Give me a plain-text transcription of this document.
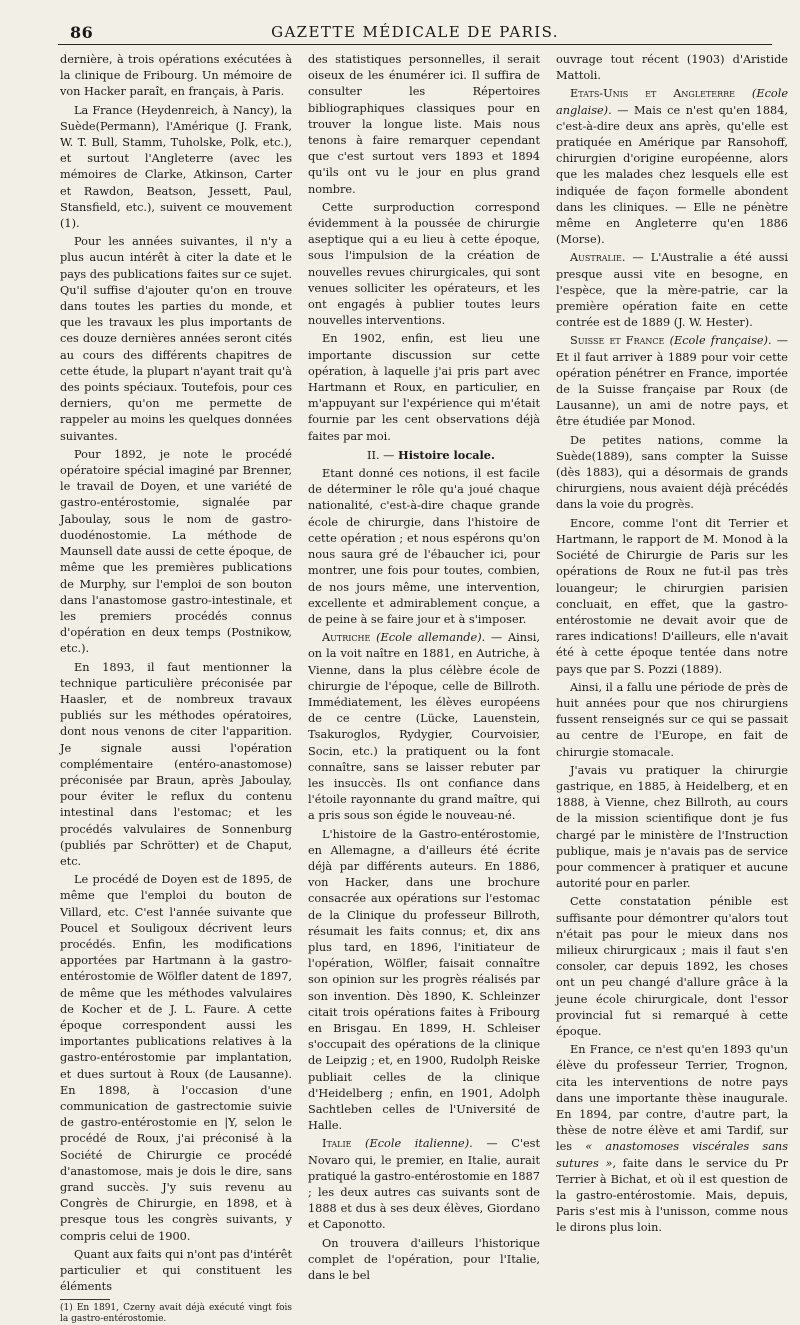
86	GAZETTE MÉDICALE DE PARIS.

dernière, à trois opérations exécutées à la clinique de Fribourg. Un mémoire de von Hacker paraît, en français, à Paris.

La France (Heydenreich, à Nancy), la Suède(Permann), l'Amérique (J. Frank, W. T. Bull, Stamm, Tuholske, Polk, etc.), et surtout l'Angleterre (avec les mémoires de Clarke, Atkinson, Carter et Rawdon, Beatson, Jessett, Paul, Stansfield, etc.), suivent ce mouvement (1).

Pour les années suivantes, il n'y a plus aucun intérêt à citer la date et le pays des publications faites sur ce sujet. Qu'il suffise d'ajouter qu'on en trouve dans toutes les parties du monde, et que les travaux les plus importants de ces douze dernières années seront cités au cours des différents chapitres de cette étude, la plupart n'ayant trait qu'à des points spéciaux. Toutefois, pour ces derniers, qu'on me permette de rappeler au moins les quelques données suivantes.

Pour 1892, je note le procédé opératoire spécial imaginé par Brenner, le travail de Doyen, et une variété de gastro-entérostomie, signalée par Jaboulay, sous le nom de gastro-duodénostomie. La méthode de Maunsell date aussi de cette époque, de même que les premières publications de Murphy, sur l'emploi de son bouton dans l'anastomose gastro-intestinale, et les premiers procédés connus d'opération en deux temps (Postnikow, etc.).

En 1893, il faut mentionner la technique particulière préconisée par Haasler, et de nombreux travaux publiés sur les méthodes opératoires, dont nous venons de citer l'apparition. Je signale aussi l'opération complémentaire (entéro-anastomose) préconisée par Braun, après Jaboulay, pour éviter le reflux du contenu intestinal dans l'estomac; et les procédés valvulaires de Sonnenburg (publiés par Schrötter) et de Chaput, etc.

Le procédé de Doyen est de 1895, de même que l'emploi du bouton de Villard, etc. C'est l'année suivante que Poucel et Souligoux décrivent leurs procédés. Enfin, les modifications apportées par Hartmann à la gastro-entérostomie de Wölfler datent de 1897, de même que les méthodes valvulaires de Kocher et de J. L. Faure. A cette époque correspondent aussi les importantes publications relatives à la gastro-entérostomie par implantation, et dues surtout à Roux (de Lausanne). En 1898, à l'occasion d'une communication de gastrectomie suivie de gastro-entérostomie en |Y, selon le procédé de Roux, j'ai préconisé à la Société de Chirurgie ce procédé d'anastomose, mais je dois le dire, sans grand succès. J'y suis revenu au Congrès de Chirurgie, en 1898, et à presque tous les congrès suivants, y compris celui de 1900.

Quant aux faits qui n'ont pas d'intérêt particulier et qui constituent les éléments

(1) En 1891, Czerny avait déjà exécuté vingt fois la gastro-entérostomie.

des statistiques personnelles, il serait oiseux de les énumérer ici. Il suffira de consulter les Répertoires bibliographiques classiques pour en trouver la longue liste. Mais nous tenons à faire remarquer cependant que c'est surtout vers 1893 et 1894 qu'ils ont vu le jour en plus grand nombre.

Cette surproduction correspond évidemment à la poussée de chirurgie aseptique qui a eu lieu à cette époque, sous l'impulsion de la création de nouvelles revues chirurgicales, qui sont venues solliciter les opérateurs, et les ont engagés à publier toutes leurs nouvelles interventions.

En 1902, enfin, est lieu une importante discussion sur cette opération, à laquelle j'ai pris part avec Hartmann et Roux, en particulier, en m'appuyant sur l'expérience qui m'était fournie par les cent observations déjà faites par moi.

II. — Histoire locale.

Etant donné ces notions, il est facile de déterminer le rôle qu'a joué chaque nationalité, c'est-à-dire chaque grande école de chirurgie, dans l'histoire de cette opération ; et nous espérons qu'on nous saura gré de l'ébaucher ici, pour montrer, une fois pour toutes, combien, de nos jours même, une intervention, excellente et admirablement conçue, a de peine à se faire jour et à s'imposer.

Autriche (Ecole allemande). — Ainsi, on la voit naître en 1881, en Autriche, à Vienne, dans la plus célèbre école de chirurgie de l'époque, celle de Billroth. Immédiatement, les élèves européens de ce centre (Lücke, Lauenstein, Tsakuroglos, Rydygier, Courvoisier, Socin, etc.) la pratiquent ou la font connaître, sans se laisser rebuter par les insuccès. Ils ont confiance dans l'étoile rayonnante du grand maître, qui a pris sous son égide le nouveau-né.

L'histoire de la Gastro-entérostomie, en Allemagne, a d'ailleurs été écrite déjà par différents auteurs. En 1886, von Hacker, dans une brochure consacrée aux opérations sur l'estomac de la Clinique du professeur Billroth, résumait les faits connus; et, dix ans plus tard, en 1896, l'initiateur de l'opération, Wölfler, faisait connaître son opinion sur les progrès réalisés par son invention. Dès 1890, K. Schleinzer citait trois opérations faites à Fribourg en Brisgau. En 1899, H. Schleiser s'occupait des opérations de la clinique de Leipzig ; et, en 1900, Rudolph Reiske publiait celles de la clinique d'Heidelberg ; enfin, en 1901, Adolph Sachtleben celles de l'Université de Halle.

Italie (Ecole italienne). — C'est Novaro qui, le premier, en Italie, aurait pratiqué la gastro-entérostomie en 1887 ; les deux autres cas suivants sont de 1888 et dus à ses deux élèves, Giordano et Caponotto.

On trouvera d'ailleurs l'historique complet de l'opération, pour l'Italie, dans le bel

ouvrage tout récent (1903) d'Aristide Mattoli.

Etats-Unis et Angleterre (Ecole anglaise). — Mais ce n'est qu'en 1884, c'est-à-dire deux ans après, qu'elle est pratiquée en Amérique par Ransohoff, chirurgien d'origine européenne, alors que les malades chez lesquels elle est indiquée de façon formelle abondent dans les cliniques. — Elle ne pénètre même en Angleterre qu'en 1886 (Morse).

Australie. — L'Australie a été aussi presque aussi vite en besogne, en l'espèce, que la mère-patrie, car la première opération faite en cette contrée est de 1889 (J. W. Hester).

Suisse et France (Ecole française). — Et il faut arriver à 1889 pour voir cette opération pénétrer en France, importée de la Suisse française par Roux (de Lausanne), un ami de notre pays, et être étudiée par Monod.

De petites nations, comme la Suède(1889), sans compter la Suisse (dès 1883), qui a désormais de grands chirurgiens, nous avaient déjà précédés dans la voie du progrès.

Encore, comme l'ont dit Terrier et Hartmann, le rapport de M. Monod à la Société de Chirurgie de Paris sur les opérations de Roux ne fut-il pas très louangeur; le chirurgien parisien concluait, en effet, que la gastro-entérostomie ne devait avoir que de rares indications! D'ailleurs, elle n'avait été à cette époque tentée dans notre pays que par S. Pozzi (1889).

Ainsi, il a fallu une période de près de huit années pour que nos chirurgiens fussent renseignés sur ce qui se passait au centre de l'Europe, en fait de chirurgie stomacale.

J'avais vu pratiquer la chirurgie gastrique, en 1885, à Heidelberg, et en 1888, à Vienne, chez Billroth, au cours de la mission scientifique dont je fus chargé par le ministère de l'Instruction publique, mais je n'avais pas de service pour commencer à pratiquer et aucune autorité pour en parler.

Cette constatation pénible est suffisante pour démontrer qu'alors tout n'était pas pour le mieux dans nos milieux chirurgicaux ; mais il faut s'en consoler, car depuis 1892, les choses ont un peu changé d'allure grâce à la jeune école chirurgicale, dont l'essor provincial fut si remarqué à cette époque.

En France, ce n'est qu'en 1893 qu'un élève du professeur Terrier, Trognon, cita les interventions de notre pays dans une importante thèse inaugurale. En 1894, par contre, d'autre part, la thèse de notre élève et ami Tardif, sur les « anastomoses viscérales sans sutures », faite dans le service du Pr Terrier à Bichat, et où il est question de la gastro-entérostomie. Mais, depuis, Paris s'est mis à l'unisson, comme nous le dirons plus loin.
